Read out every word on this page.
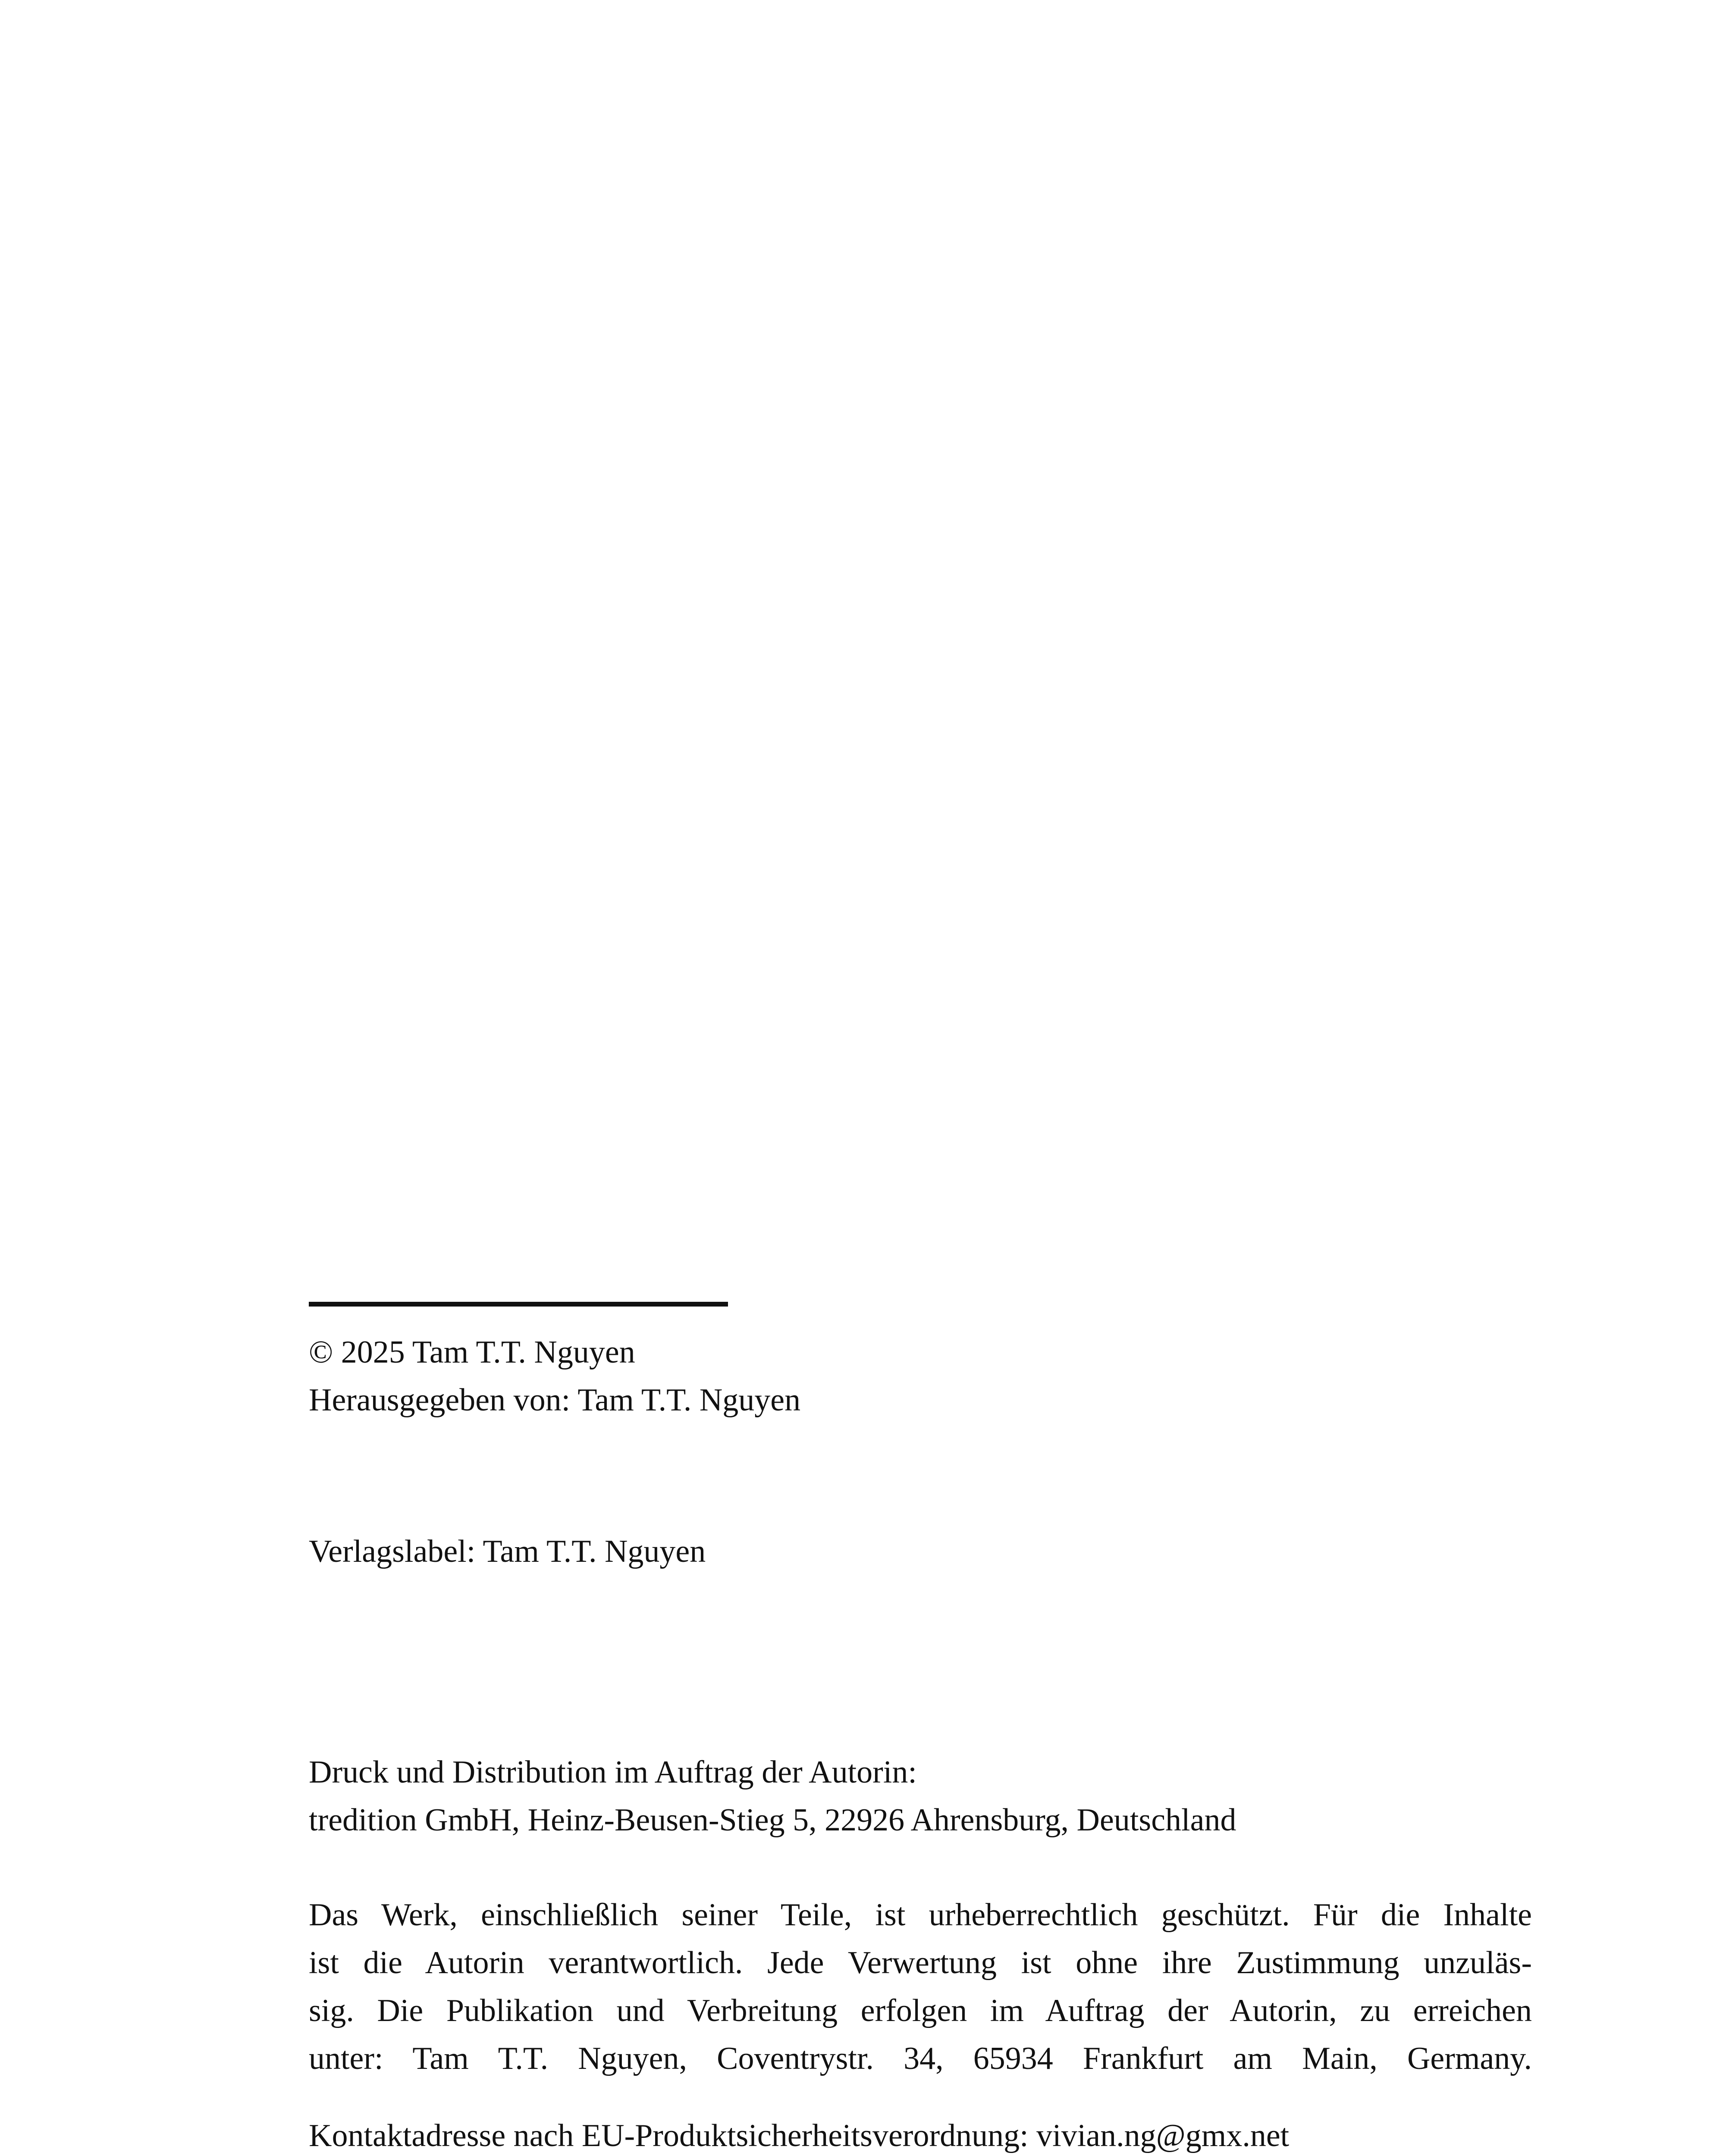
© 2025 Tam T.T. Nguyen
Herausgegeben von: Tam T.T. Nguyen
Verlagslabel: Tam T.T. Nguyen
Druck und Distribution im Auftrag der Autorin:
tredition GmbH, Heinz-Beusen-Stieg 5, 22926 Ahrensburg, Deutschland
Das Werk, einschließlich seiner Teile, ist urheberrechtlich geschützt. Für die Inhalte
ist die Autorin verantwortlich. Jede Verwertung ist ohne ihre Zustimmung unzuläs-
sig. Die Publikation und Verbreitung erfolgen im Auftrag der Autorin, zu erreichen
unter: Tam T.T. Nguyen, Coventrystr. 34, 65934 Frankfurt am Main, Germany.
Kontaktadresse nach EU-Produktsicherheitsverordnung: vivian.ng@gmx.net
